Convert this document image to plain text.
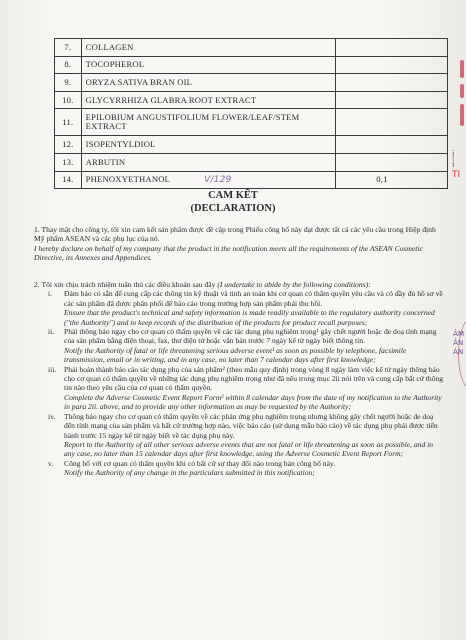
7.	COLLAGEN	
8.	TOCOPHEROL	
9.	ORYZA SATIVA BRAN OIL	
10.	GLYCYRRHIZA GLABRA ROOT EXTRACT	
11.	EPILOBIUM ANGUSTIFOLIUM FLOWER/LEAF/STEM EXTRACT	
12.	ISOPENTYLDIOL	
13.	ARBUTIN	
14.	PHENOXYETHANOL V/129	0,1
CAM KẾT
(DECLARATION)

1. Thay mặt cho công ty, tôi xin cam kết sản phẩm được đề cập trong Phiếu công bố này đạt được tất cả các yêu cầu trong Hiệp định Mỹ phẩm ASEAN và các phụ lục của nó.

I hereby declare on behalf of my company that the product in the notification meets all the requirements of the ASEAN Cosmetic Directive, its Annexes and Appendices.

2. Tôi xin chịu trách nhiệm tuân thủ các điều khoản sau đây (I undertake to abide by the following conditions):

i. Đảm bảo có sẵn để cung cấp các thông tin kỹ thuật và tính an toàn khi cơ quan có thẩm quyền yêu cầu và có đầy đủ hồ sơ về các sản phẩm đã được phân phối để bảo cáo trong trường hợp sản phẩm phải thu hồi.

Ensure that the product's technical and safety information is made readily available to the regulatory authority concerned ("the Authority") and to keep records of the distribution of the products for product recall purposes;

ii. Phải thông báo ngay cho cơ quan có thẩm quyền về các tác dụng phụ nghiêm trọng¹ gây chết người hoặc đe doạ tính mạng của sản phẩm bằng điện thoại, fax, thư điện tử hoặc văn bản trước 7 ngày kể từ ngày biết thông tin.

Notify the Authority of fatal or life threatening serious adverse event¹ as soon as possible by telephone, facsimile transmission, email or in writing, and in any case, no later than 7 calendar days after first knowledge;

iii. Phải hoàn thành báo cáo tác dụng phụ của sản phẩm² (theo mẫu quy định) trong vòng 8 ngày làm việc kể từ ngày thông báo cho cơ quan có thẩm quyền về những tác dụng phụ nghiêm trọng như đã nêu trong mục 2ii nói trên và cung cấp bất cứ thông tin nào theo yêu cầu của cơ quan có thẩm quyền.

Complete the Adverse Cosmetic Event Report Form² within 8 calendar days from the date of my notification to the Authority in para 2ii. above, and to provide any other information as may be requested by the Authority;

iv. Thông báo ngay cho cơ quan có thẩm quyền về các phản ứng phụ nghiêm trọng nhưng không gây chết người hoặc đe doạ đến tính mạng của sản phẩm và bất cứ trường hợp nào, việc báo cáo (sử dụng mẫu báo cáo) về tác dụng phụ phải được tiến hành trước 15 ngày kể từ ngày biết về tác dụng phụ này.

Report to the Authority of all other serious adverse events that are not fatal or life threatening as soon as possible, and in any case, no later than 15 calendar days after first knowledge, using the Adverse Cosmetic Event Report Form;

v. Công bố với cơ quan có thẩm quyền khi có bất cứ sự thay đổi nào trong bản công bố này.

Notify the Authority of any change in the particulars submitted in this notification;

ị
ỉ
TI
ÂM
ÂN
ÁN
